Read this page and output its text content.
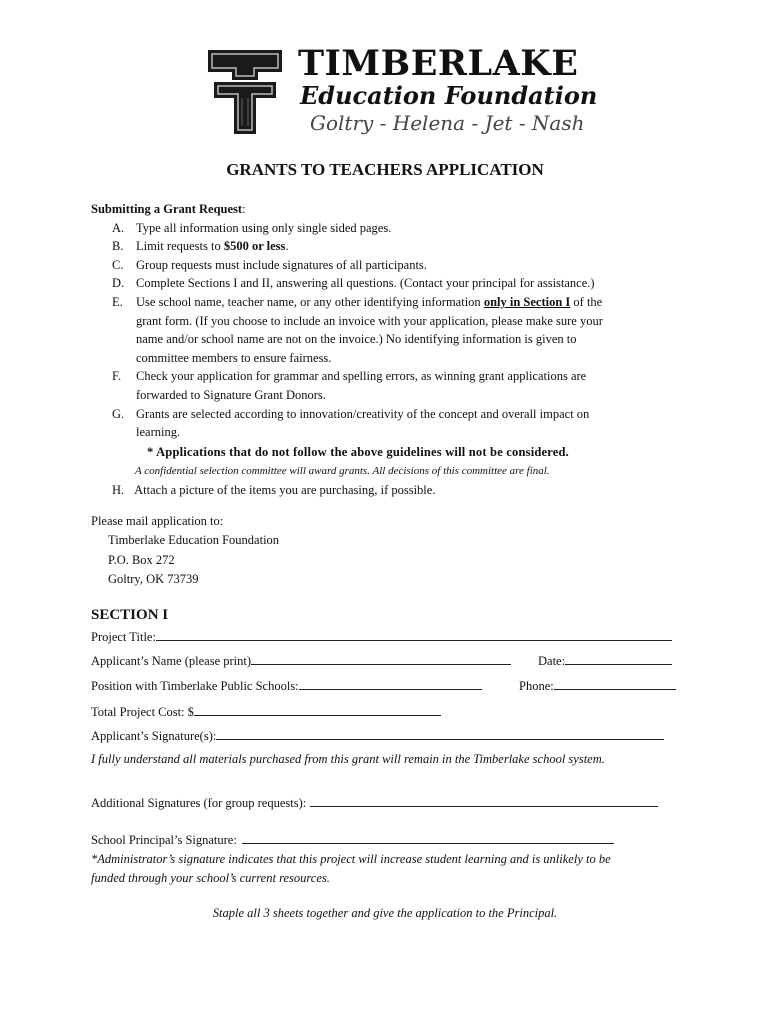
TIMBERLAKE
Education Foundation
Goltry - Helena - Jet - Nash
GRANTS TO TEACHERS APPLICATION
Submitting a Grant Request:
A. Type all information using only single sided pages.
B. Limit requests to $500 or less.
C. Group requests must include signatures of all participants.
D. Complete Sections I and II, answering all questions. (Contact your principal for assistance.)
E. Use school name, teacher name, or any other identifying information only in Section I of the
grant form. (If you choose to include an invoice with your application, please make sure your
name and/or school name are not on the invoice.) No identifying information is given to
committee members to ensure fairness.
F. Check your application for grammar and spelling errors, as winning grant applications are
forwarded to Signature Grant Donors.
G. Grants are selected according to innovation/creativity of the concept and overall impact on
learning.
* Applications that do not follow the above guidelines will not be considered.
A confidential selection committee will award grants. All decisions of this committee are final.
H. Attach a picture of the items you are purchasing, if possible.
Please mail application to:
Timberlake Education Foundation
P.O. Box 272
Goltry, OK 73739
SECTION I
Project Title:
Applicant’s Name (please print)	Date:
Position with Timberlake Public Schools:	Phone:
Total Project Cost: $
Applicant’s Signature(s):
I fully understand all materials purchased from this grant will remain in the Timberlake school system.
Additional Signatures (for group requests):
School Principal’s Signature:
*Administrator’s signature indicates that this project will increase student learning and is unlikely to be
funded through your school’s current resources.
Staple all 3 sheets together and give the application to the Principal.
